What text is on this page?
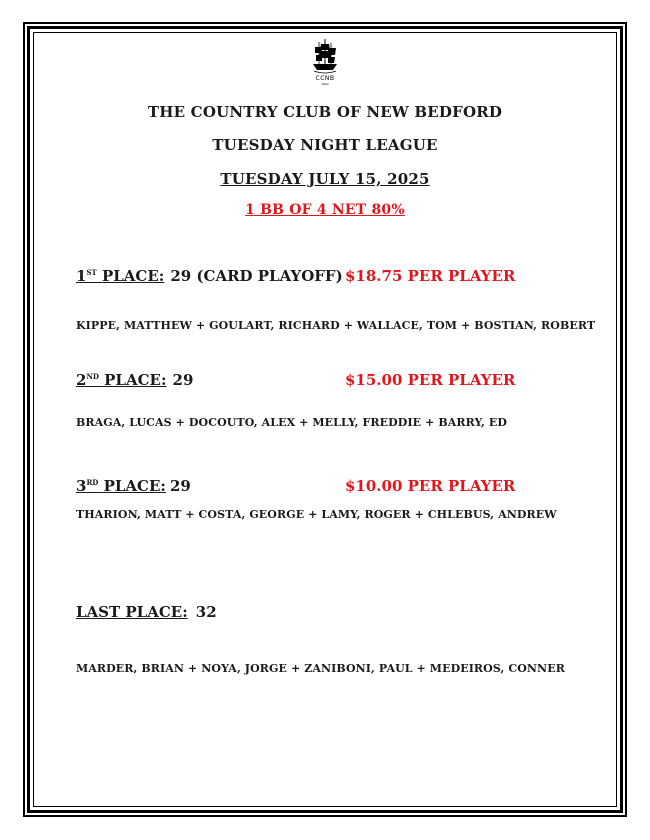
CCNB
1902
THE COUNTRY CLUB OF NEW BEDFORD
TUESDAY NIGHT LEAGUE
TUESDAY JULY 15, 2025
1 BB OF 4 NET 80%
1ST PLACE: 29 (CARD PLAYOFF) $18.75 PER PLAYER
KIPPE, MATTHEW + GOULART, RICHARD + WALLACE, TOM + BOSTIAN, ROBERT
2ND PLACE: 29	$15.00 PER PLAYER
BRAGA, LUCAS + DOCOUTO, ALEX + MELLY, FREDDIE + BARRY, ED
3RD PLACE: 29	$10.00 PER PLAYER
THARION, MATT + COSTA, GEORGE + LAMY, ROGER + CHLEBUS, ANDREW
LAST PLACE: 32
MARDER, BRIAN + NOYA, JORGE + ZANIBONI, PAUL + MEDEIROS, CONNER
